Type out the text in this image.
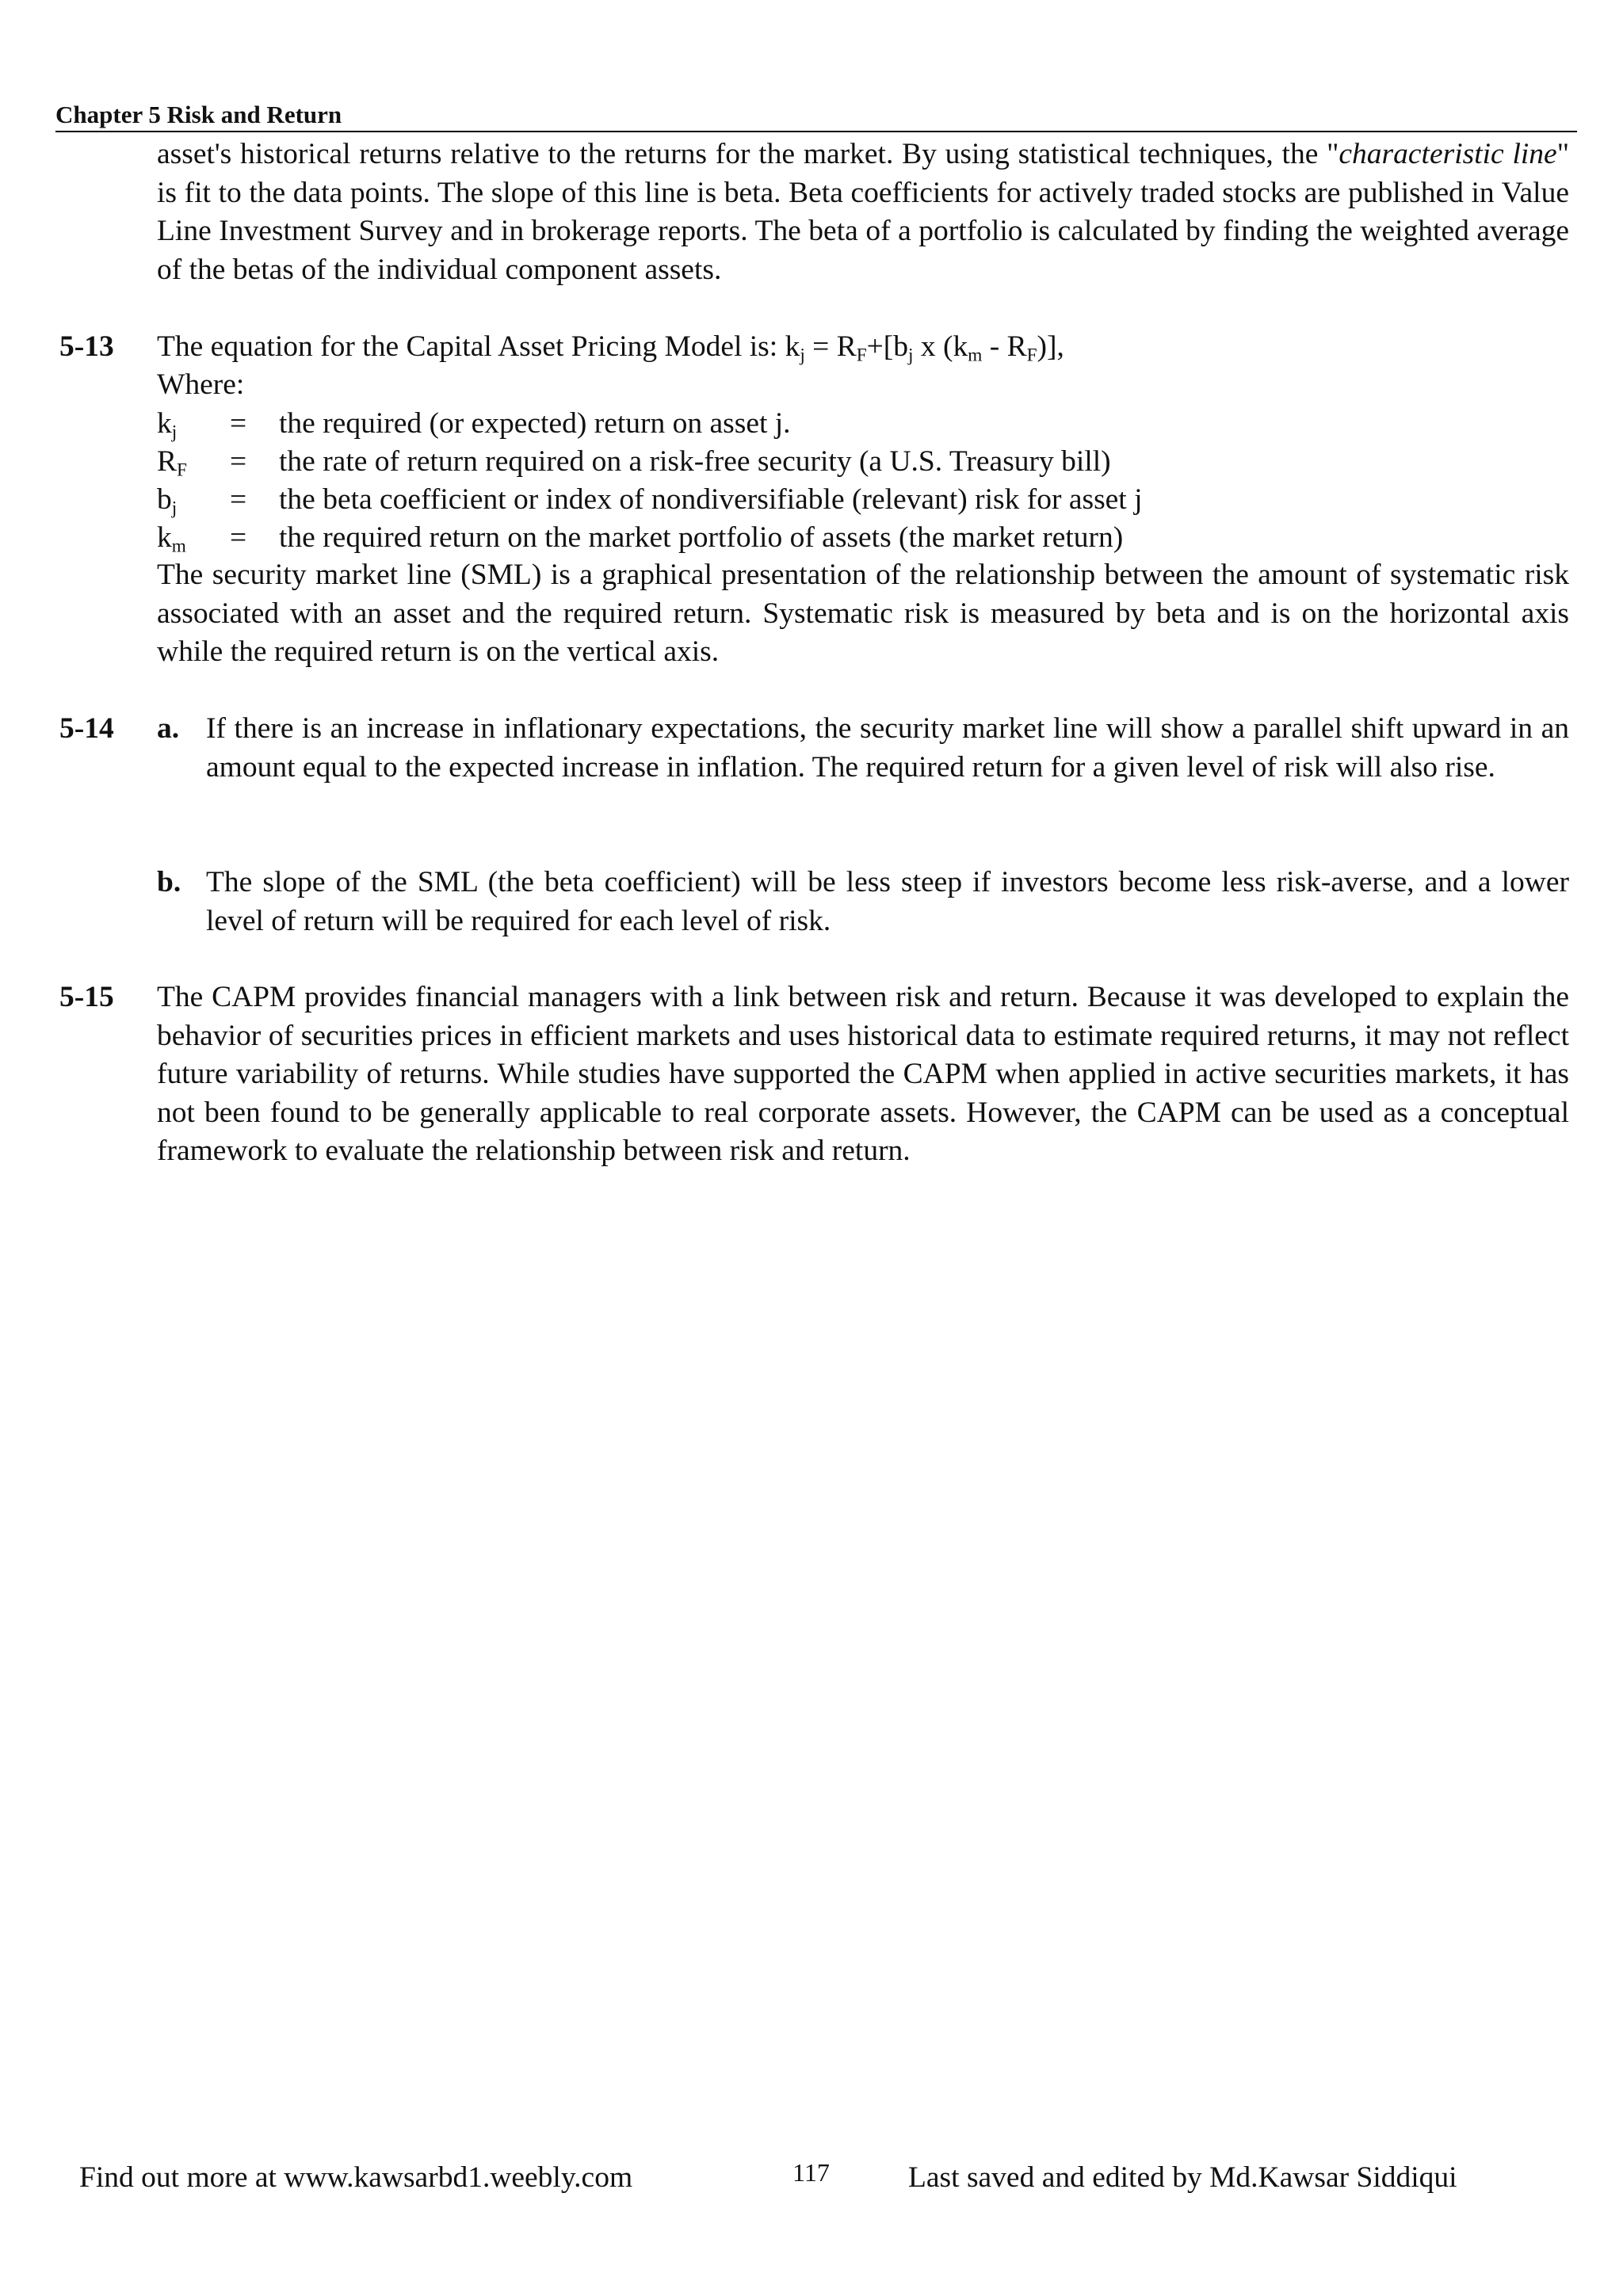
Chapter 5 Risk and Return
asset's historical returns relative to the returns for the market. By using statistical techniques, the "characteristic line" is fit to the data points. The slope of this line is beta. Beta coefficients for actively traded stocks are published in Value Line Investment Survey and in brokerage reports. The beta of a portfolio is calculated by finding the weighted average of the betas of the individual component assets.
5-13 The equation for the Capital Asset Pricing Model is: $k_j = R_F+[b_j$ x $(k_m - R_F)$],
Where:
$k_j$ = the required (or expected) return on asset j.
$R_F$ = the rate of return required on a risk-free security (a U.S. Treasury bill)
$b_j$ = the beta coefficient or index of nondiversifiable (relevant) risk for asset j
$k_m$ = the required return on the market portfolio of assets (the market return)
The security market line (SML) is a graphical presentation of the relationship between the amount of systematic risk associated with an asset and the required return. Systematic risk is measured by beta and is on the horizontal axis while the required return is on the vertical axis.
5-14 a. If there is an increase in inflationary expectations, the security market line will show a parallel shift upward in an amount equal to the expected increase in inflation. The required return for a given level of risk will also rise.
b. The slope of the SML (the beta coefficient) will be less steep if investors become less risk-averse, and a lower level of return will be required for each level of risk.
5-15 The CAPM provides financial managers with a link between risk and return. Because it was developed to explain the behavior of securities prices in efficient markets and uses historical data to estimate required returns, it may not reflect future variability of returns. While studies have supported the CAPM when applied in active securities markets, it has not been found to be generally applicable to real corporate assets. However, the CAPM can be used as a conceptual framework to evaluate the relationship between risk and return.
Find out more at www.kawsarbd1.weebly.com	117	Last saved and edited by Md.Kawsar Siddiqui
